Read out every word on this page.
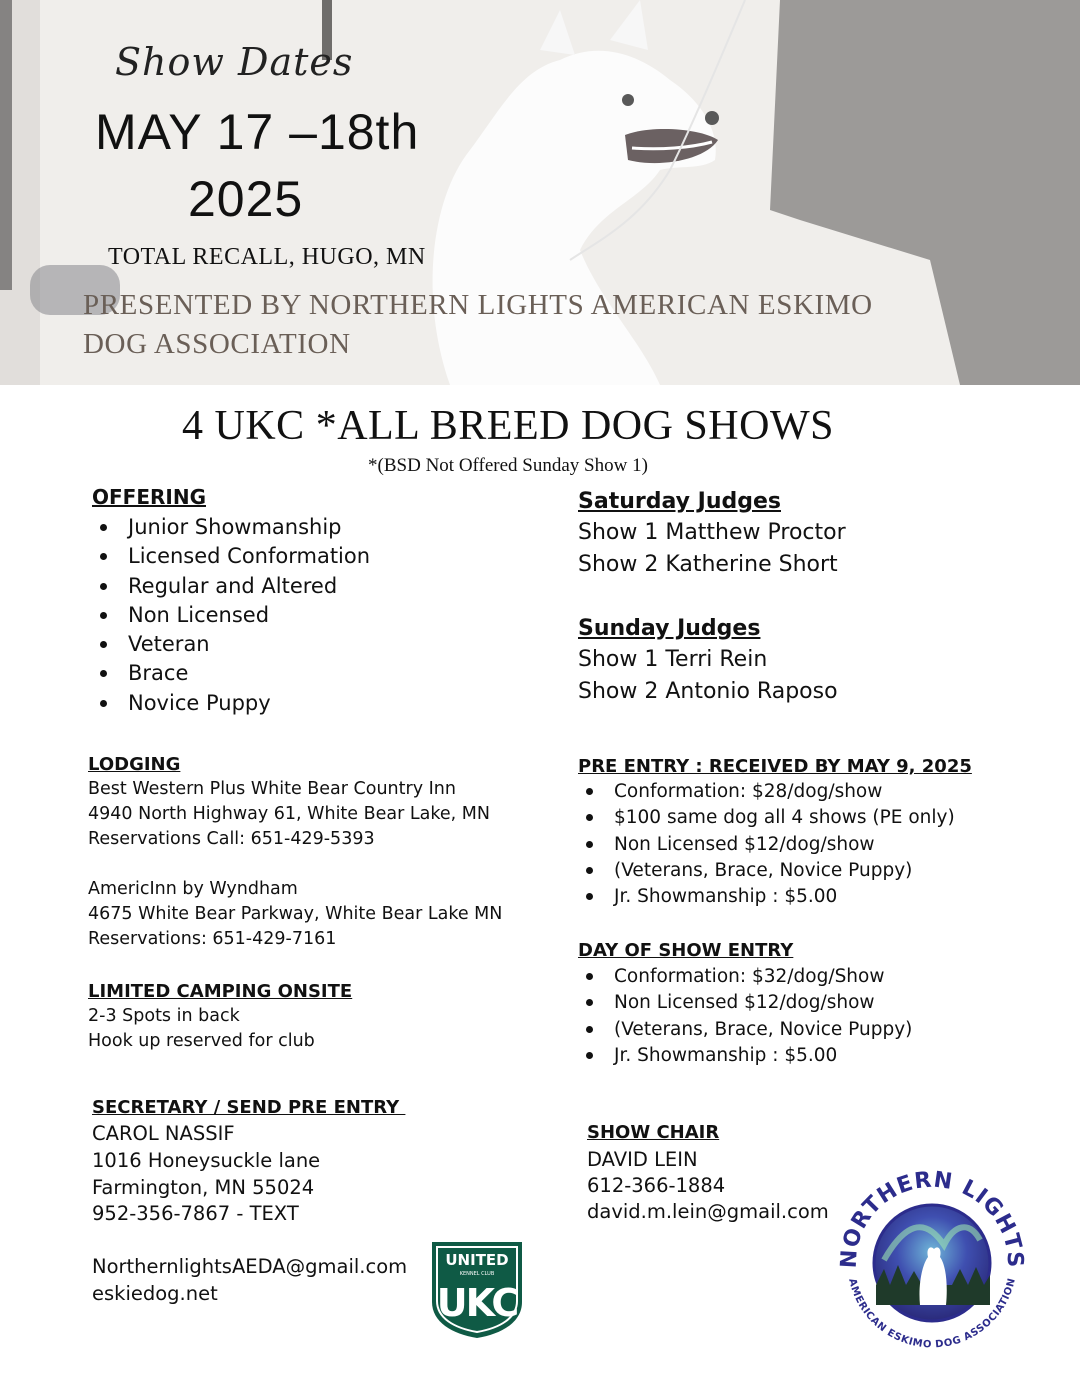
Show Dates
MAY 17 –18th
2025
TOTAL RECALL, HUGO, MN
PRESENTED BY NORTHERN LIGHTS AMERICAN ESKIMO DOG ASSOCIATION
4 UKC *ALL BREED DOG SHOWS
*(BSD Not Offered Sunday Show 1)
OFFERING
Junior Showmanship
Licensed Conformation
Regular and Altered
Non Licensed
Veteran
Brace
Novice Puppy
Saturday Judges
Show 1 Matthew Proctor
Show 2 Katherine Short
Sunday Judges
Show 1 Terri Rein
Show 2 Antonio Raposo
LODGING
Best Western Plus White Bear Country Inn
4940 North Highway 61, White Bear Lake, MN
Reservations Call: 651-429-5393
AmericInn by Wyndham
4675 White Bear Parkway, White Bear Lake MN
Reservations: 651-429-7161
LIMITED CAMPING ONSITE
2-3 Spots in back
Hook up reserved for club
PRE ENTRY : RECEIVED BY MAY 9, 2025
Conformation: $28/dog/show
$100 same dog all 4 shows (PE only)
Non Licensed $12/dog/show
(Veterans, Brace, Novice Puppy)
Jr. Showmanship : $5.00
DAY OF SHOW ENTRY
Conformation: $32/dog/Show
Non Licensed $12/dog/show
(Veterans, Brace, Novice Puppy)
Jr. Showmanship : $5.00
SECRETARY / SEND PRE ENTRY
CAROL NASSIF
1016 Honeysuckle lane
Farmington, MN 55024
952-356-7867 - TEXT
NorthernlightsAEDA@gmail.com
eskiedog.net
SHOW CHAIR
DAVID LEIN
612-366-1884
david.m.lein@gmail.com
UNITED
KENNEL CLUB
UKC
NORTHERN LIGHTS
AMERICAN ESKIMO DOG ASSOCIATION
